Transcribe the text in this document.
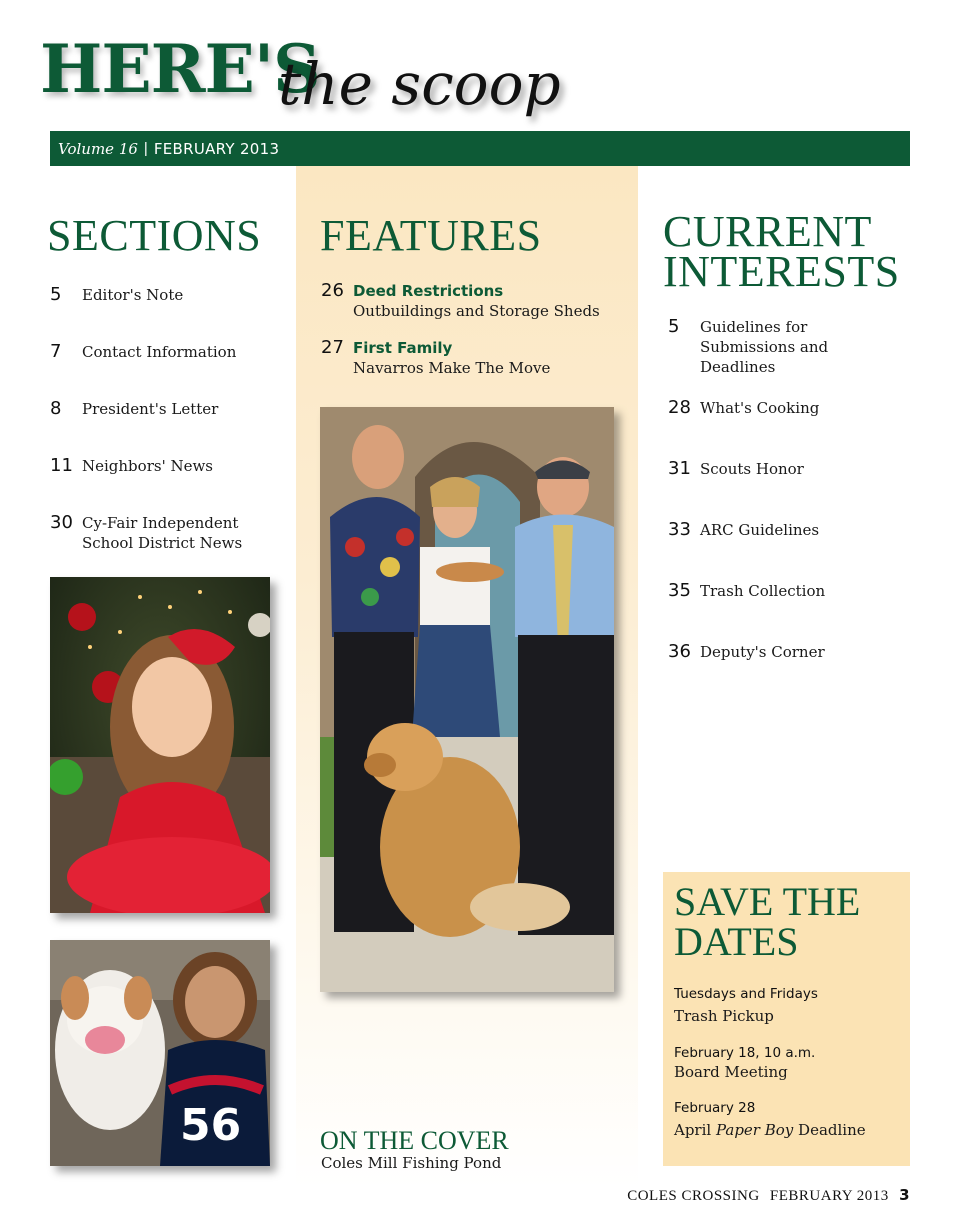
HERE'S
the scoop
Volume 16 | FEBRUARY 2013
SECTIONS
5	Editor's Note
7	Contact Information
8	President's Letter
11 Neighbors' News
30 Cy-Fair Independent School District News
56
FEATURES
26 Deed Restrictions
Outbuildings and Storage Sheds
27 First Family
Navarros Make The Move
ON THE COVER
Coles Mill Fishing Pond
CURRENT
INTERESTS
5	Guidelines for Submissions and Deadlines
28 What's Cooking
31 Scouts Honor
33 ARC Guidelines
35 Trash Collection
36 Deputy's Corner
SAVE THE
DATES
Tuesdays and Fridays
Trash Pickup
February 18, 10 a.m.
Board Meeting
February 28
April Paper Boy Deadline
COLES CROSSING FEBRUARY 2013 3
